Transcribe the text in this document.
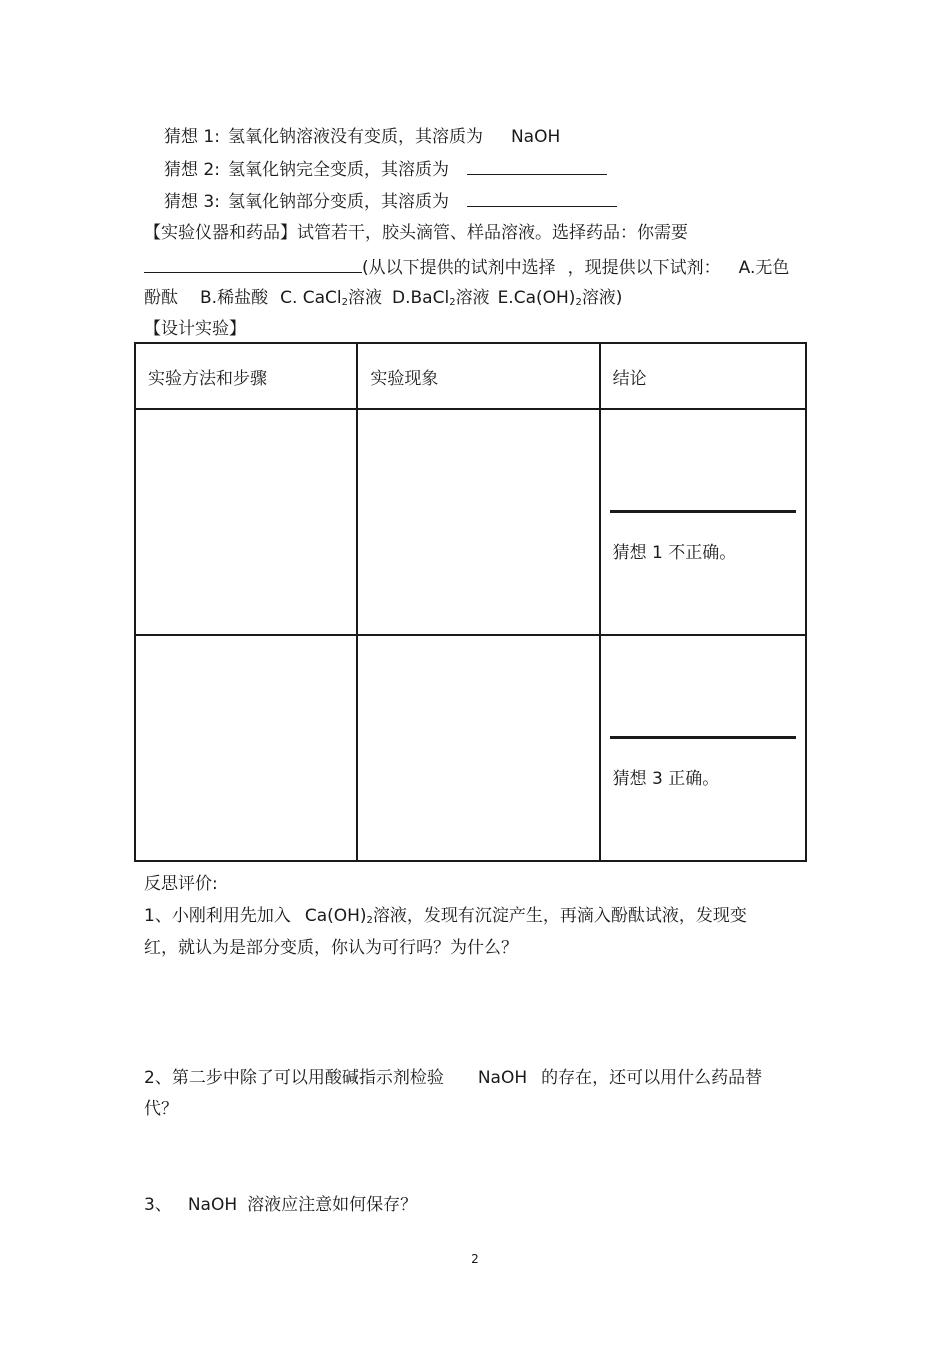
猜想 1: 氢氧化钠溶液没有变质，其溶质为 NaOH
猜想 2: 氢氧化钠完全变质，其溶质为
猜想 3: 氢氧化钠部分变质，其溶质为
【实验仪器和药品】试管若干，胶头滴管、样品溶液。选择药品：你需要
(从以下提供的试剂中选择 ，现提供以下试剂： A.无色
酚酞 B.稀盐酸 C. CaCl$_2$溶液 D.BaCl$_2$溶液 $E.Ca(OH)_2$溶液)
【设计实验】
实验方法和步骤	实验现象	结论

		猜想 1 不正确。

		猜想 3 正确。
反思评价:
1、小刚利用先加入 $Ca(OH)_2$溶液，发现有沉淀产生，再滴入酚酞试液，发现变
红，就认为是部分变质，你认为可行吗？为什么？
2、第二步中除了可以用酸碱指示剂检验 NaOH 的存在，还可以用什么药品替
代？
3、 NaOH 溶液应注意如何保存？
2
